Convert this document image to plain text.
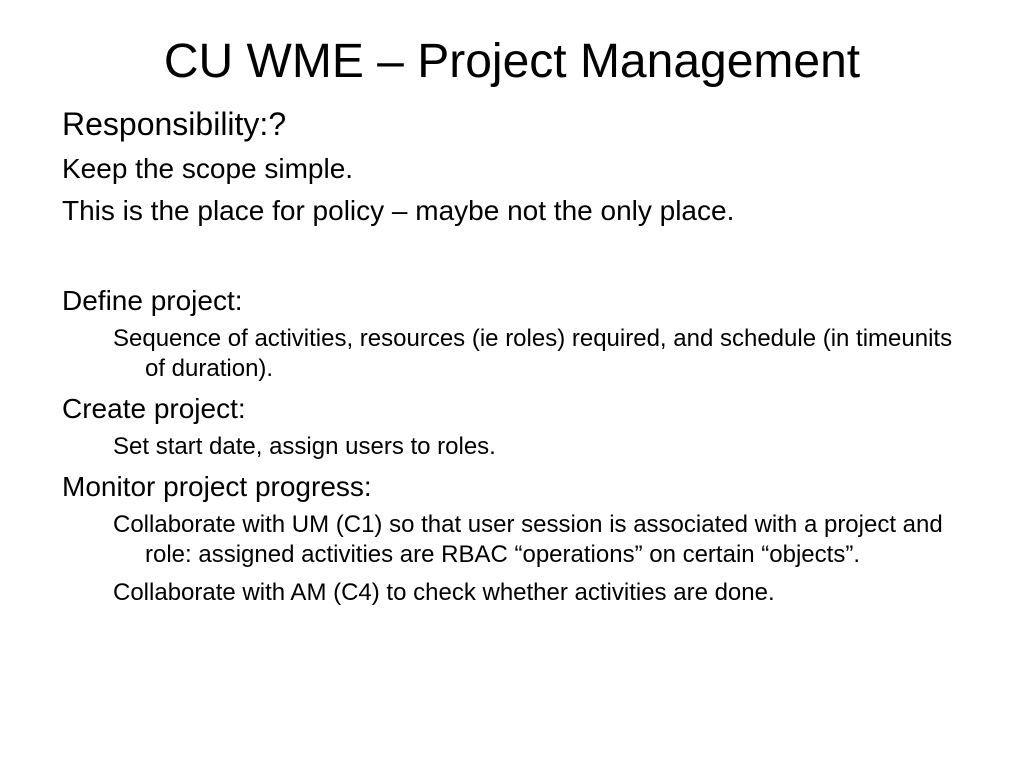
CU WME – Project Management

Responsibility:?

Keep the scope simple.

This is the place for policy – maybe not the only place.

Define project:

Sequence of activities, resources (ie roles) required, and schedule (in timeunits of duration).

Create project:

Set start date, assign users to roles.

Monitor project progress:

Collaborate with UM (C1) so that user session is associated with a project and role: assigned activities are RBAC “operations” on certain “objects”.

Collaborate with AM (C4) to check whether activities are done.
